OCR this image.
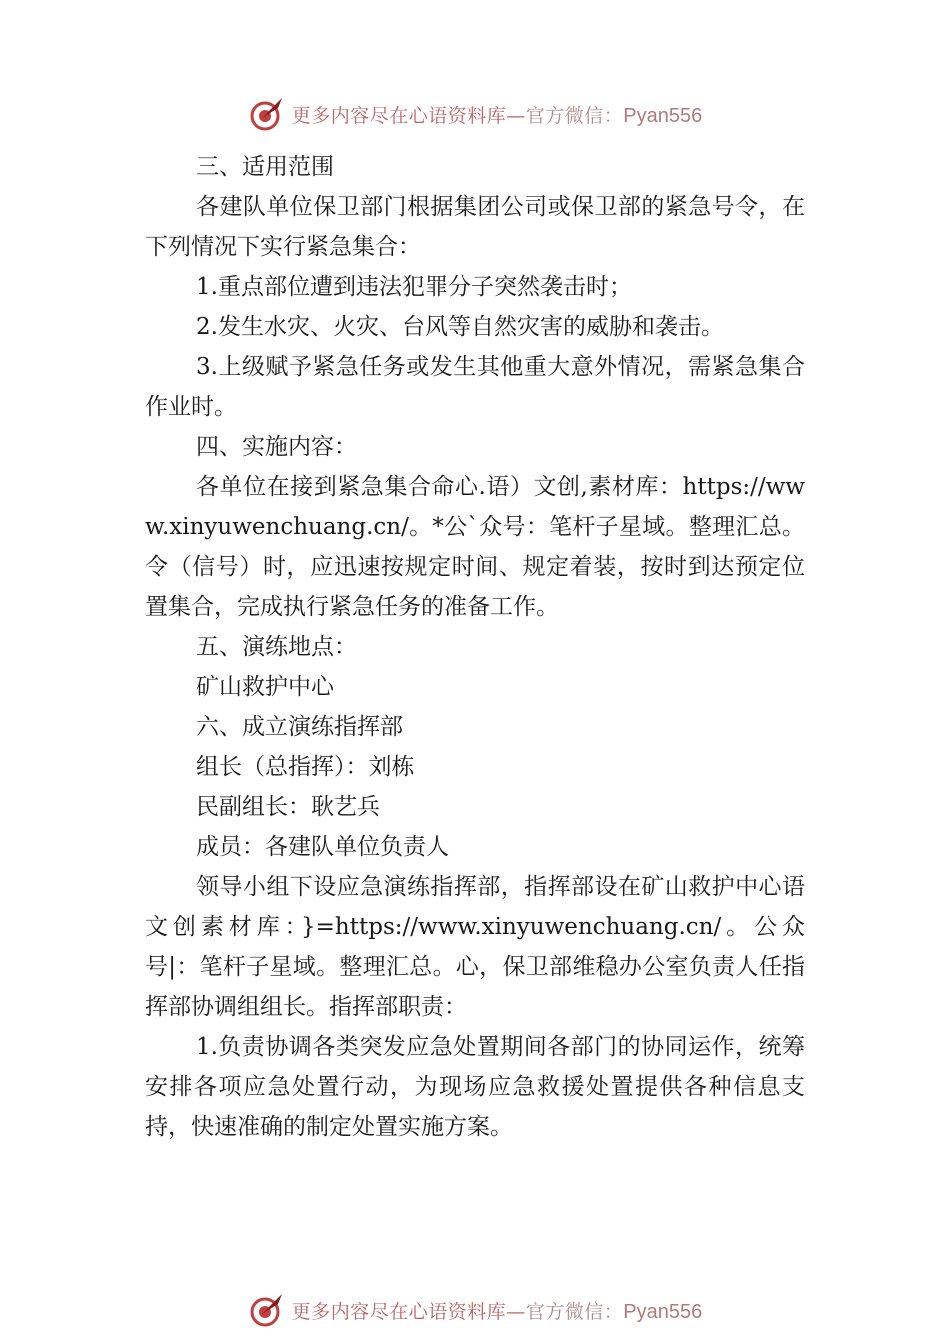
更多内容尽在心语资料库—官方微信：Pyan556

三、适用范围

各建队单位保卫部门根据集团公司或保卫部的紧急号令，在下列情况下实行紧急集合：

1.重点部位遭到违法犯罪分子突然袭击时；

2.发生水灾、火灾、台风等自然灾害的威胁和袭击。

3.上级赋予紧急任务或发生其他重大意外情况，需紧急集合作业时。

四、实施内容：

各单位在接到紧急集合命心.语）文创,素材库：https://www.xinyuwenchuang.cn/。*公`众号：笔杆子星域。整理汇总。令（信号）时，应迅速按规定时间、规定着装，按时到达预定位置集合，完成执行紧急任务的准备工作。

五、演练地点：

矿山救护中心

六、成立演练指挥部

组长（总指挥）：刘栋

民副组长：耿艺兵

成员：各建队单位负责人

领导小组下设应急演练指挥部，指挥部设在矿山救护中心语文创素材库：}=https://www.xinyuwenchuang.cn/。公众号|：笔杆子星域。整理汇总。心，保卫部维稳办公室负责人任指挥部协调组组长。指挥部职责：

1.负责协调各类突发应急处置期间各部门的协同运作，统筹安排各项应急处置行动，为现场应急救援处置提供各种信息支持，快速准确的制定处置实施方案。

更多内容尽在心语资料库—官方微信：Pyan556
